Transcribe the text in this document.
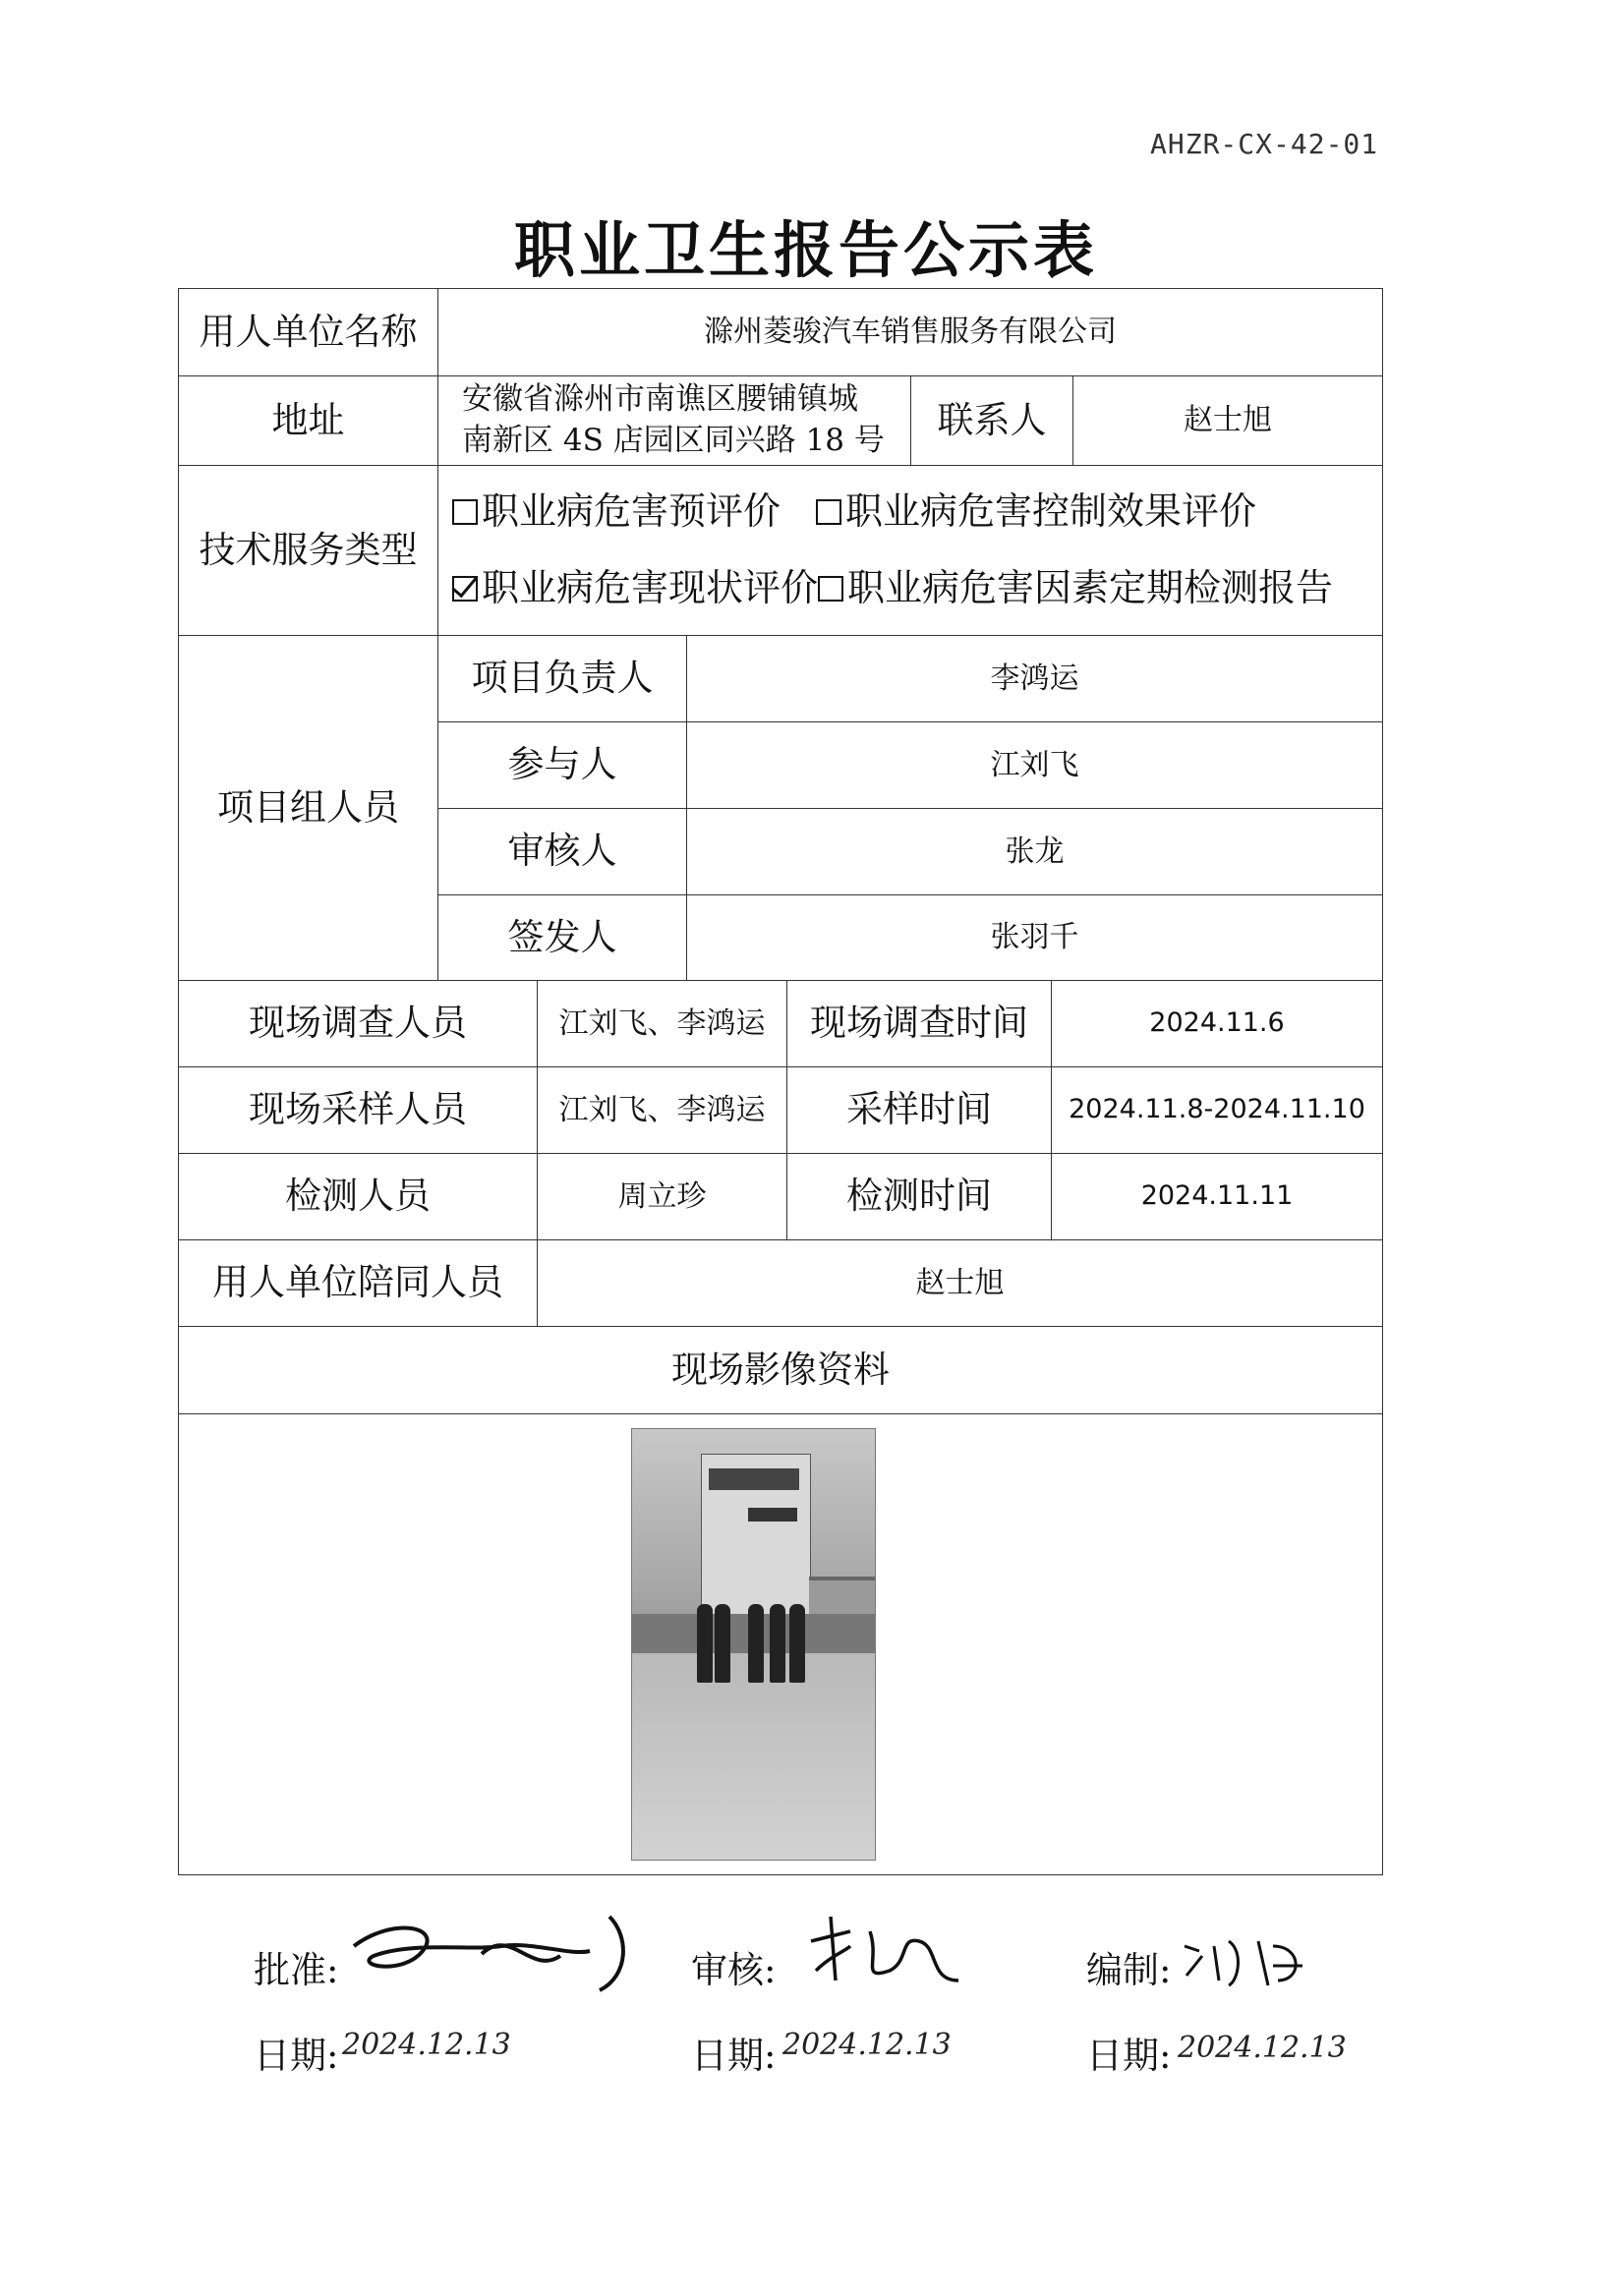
AHZR-CX-42-01
职业卫生报告公示表
用人单位名称	滁州菱骏汽车销售服务有限公司
地址	安徽省滁州市南谯区腰铺镇城
南新区 4S 店园区同兴路 18 号	联系人	赵士旭
技术服务类型
职业病危害预评价 职业病危害控制效果评价
职业病危害现状评价 职业病危害因素定期检测报告
项目组人员
项目负责人	李鸿运
参与人	江刘飞
审核人	张龙
签发人	张羽千
现场调查人员	江刘飞、李鸿运	现场调查时间	2024.11.6
现场采样人员	江刘飞、李鸿运	采样时间	2024.11.8-2024.11.10
检测人员	周立珍	检测时间	2024.11.11
用人单位陪同人员	赵士旭
现场影像资料
批准:	审核:	编制:
日期: 2024.12.13	日期: 2024.12.13	日期: 2024.12.13
